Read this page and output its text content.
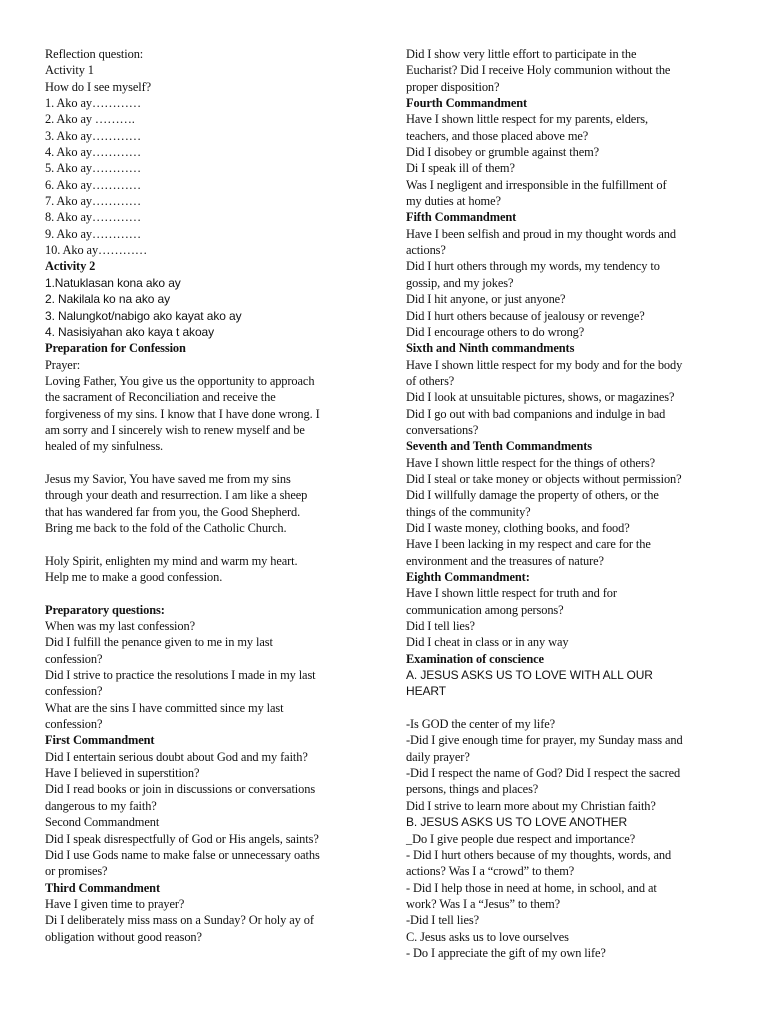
Reflection question:
Activity 1
How do I see myself?
1. Ako ay…………
2. Ako ay ……….
3. Ako ay…………
4. Ako ay…………
5. Ako ay…………
6. Ako ay…………
7. Ako ay…………
8. Ako ay…………
9. Ako ay…………
10. Ako ay…………
Activity 2
1.Natuklasan kona ako ay
2. Nakilala ko na ako ay
3. Nalungkot/nabigo ako kayat ako ay
4. Nasisiyahan ako kaya t akoay
Preparation for Confession
Prayer:
Loving Father, You give us the opportunity to approach
the sacrament of Reconciliation and receive the
forgiveness of my sins. I know that I have done wrong. I
am sorry and I sincerely wish to renew myself and be
healed of my sinfulness.
Jesus my Savior, You have saved me from my sins
through your death and resurrection. I am like a sheep
that has wandered far from you, the Good Shepherd.
Bring me back to the fold of the Catholic Church.
Holy Spirit, enlighten my mind and warm my heart.
Help me to make a good confession.
Preparatory questions:
When was my last confession?
Did I fulfill the penance given to me in my last
confession?
Did I strive to practice the resolutions I made in my last
confession?
What are the sins I have committed since my last
confession?
First Commandment
Did I entertain serious doubt about God and my faith?
Have I believed in superstition?
Did I read books or join in discussions or conversations
dangerous to my faith?
Second Commandment
Did I speak disrespectfully of God or His angels, saints?
Did I use Gods name to make false or unnecessary oaths
or promises?
Third Commandment
Have I given time to prayer?
Di I deliberately miss mass on a Sunday? Or holy ay of
obligation without good reason?
Did I show very little effort to participate in the
Eucharist? Did I receive Holy communion without the
proper disposition?
Fourth Commandment
Have I shown little respect for my parents, elders,
teachers, and those placed above me?
Did I disobey or grumble against them?
Di I speak ill of them?
Was I negligent and irresponsible in the fulfillment of
my duties at home?
Fifth Commandment
Have I been selfish and proud in my thought words and
actions?
Did I hurt others through my words, my tendency to
gossip, and my jokes?
Did I hit anyone, or just anyone?
Did I hurt others because of jealousy or revenge?
Did I encourage others to do wrong?
Sixth and Ninth commandments
Have I shown little respect for my body and for the body
of others?
Did I look at unsuitable pictures, shows, or magazines?
Did I go out with bad companions and indulge in bad
conversations?
Seventh and Tenth Commandments
Have I shown little respect for the things of others?
Did I steal or take money or objects without permission?
Did I willfully damage the property of others, or the
things of the community?
Did I waste money, clothing books, and food?
Have I been lacking in my respect and care for the
environment and the treasures of nature?
Eighth Commandment:
Have I shown little respect for truth and for
communication among persons?
Did I tell lies?
Did I cheat in class or in any way
Examination of conscience
A. JESUS ASKS US TO LOVE WITH ALL OUR
HEART
-Is GOD the center of my life?
-Did I give enough time for prayer, my Sunday mass and
daily prayer?
-Did I respect the name of God? Did I respect the sacred
persons, things and places?
Did I strive to learn more about my Christian faith?
B. JESUS ASKS US TO LOVE ANOTHER
_Do I give people due respect and importance?
- Did I hurt others because of my thoughts, words, and
actions? Was I a “crowd” to them?
- Did I help those in need at home, in school, and at
work? Was I a “Jesus” to them?
-Did I tell lies?
C. Jesus asks us to love ourselves
- Do I appreciate the gift of my own life?
